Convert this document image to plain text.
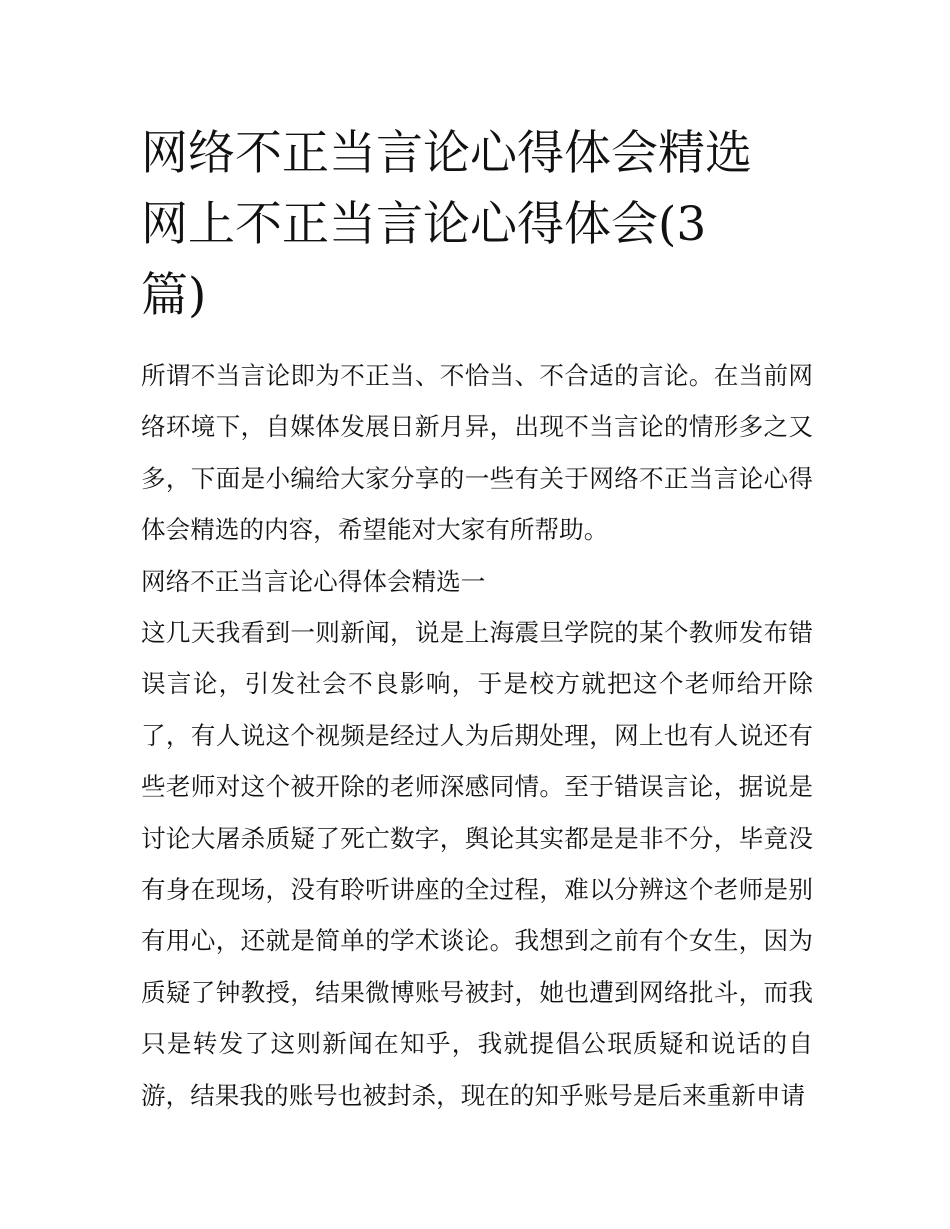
网络不正当言论心得体会精选
网上不正当言论心得体会(3
篇)

所谓不当言论即为不正当、不恰当、不合适的言论。在当前网络环境下，自媒体发展日新月异，出现不当言论的情形多之又多，下面是小编给大家分享的一些有关于网络不正当言论心得体会精选的内容，希望能对大家有所帮助。

网络不正当言论心得体会精选一

这几天我看到一则新闻，说是上海震旦学院的某个教师发布错误言论，引发社会不良影响，于是校方就把这个老师给开除了，有人说这个视频是经过人为后期处理，网上也有人说还有些老师对这个被开除的老师深感同情。至于错误言论，据说是讨论大屠杀质疑了死亡数字，舆论其实都是是非不分，毕竟没有身在现场，没有聆听讲座的全过程，难以分辨这个老师是别有用心，还就是简单的学术谈论。我想到之前有个女生，因为质疑了钟教授，结果微博账号被封，她也遭到网络批斗，而我只是转发了这则新闻在知乎，我就提倡公珉质疑和说话的自游，结果我的账号也被封杀，现在的知乎账号是后来重新申请
